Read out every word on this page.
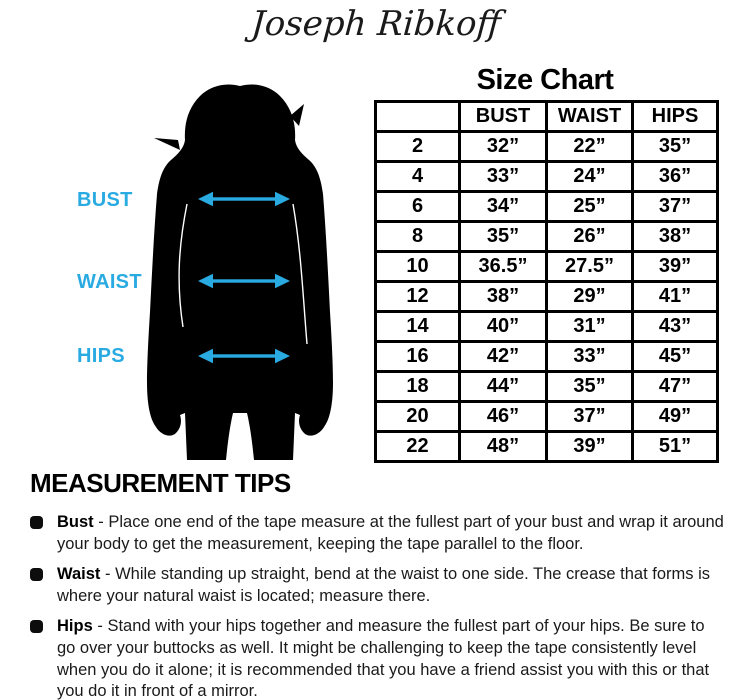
Joseph Ribkoff
BUST
WAIST
HIPS
Size Chart
	BUST	WAIST	HIPS
2	32”	22”	35”
4	33”	24”	36”
6	34”	25”	37”
8	35”	26”	38”
10	36.5”	27.5”	39”
12	38”	29”	41”
14	40”	31”	43”
16	42”	33”	45”
18	44”	35”	47”
20	46”	37”	49”
22	48”	39”	51”
MEASUREMENT TIPS

Bust - Place one end of the tape measure at the fullest part of your bust and wrap it around your body to get the measurement, keeping the tape parallel to the floor.

Waist - While standing up straight, bend at the waist to one side. The crease that forms is where your natural waist is located; measure there.

Hips - Stand with your hips together and measure the fullest part of your hips. Be sure to go over your buttocks as well. It might be challenging to keep the tape consistently level when you do it alone; it is recommended that you have a friend assist you with this or that you do it in front of a mirror.
